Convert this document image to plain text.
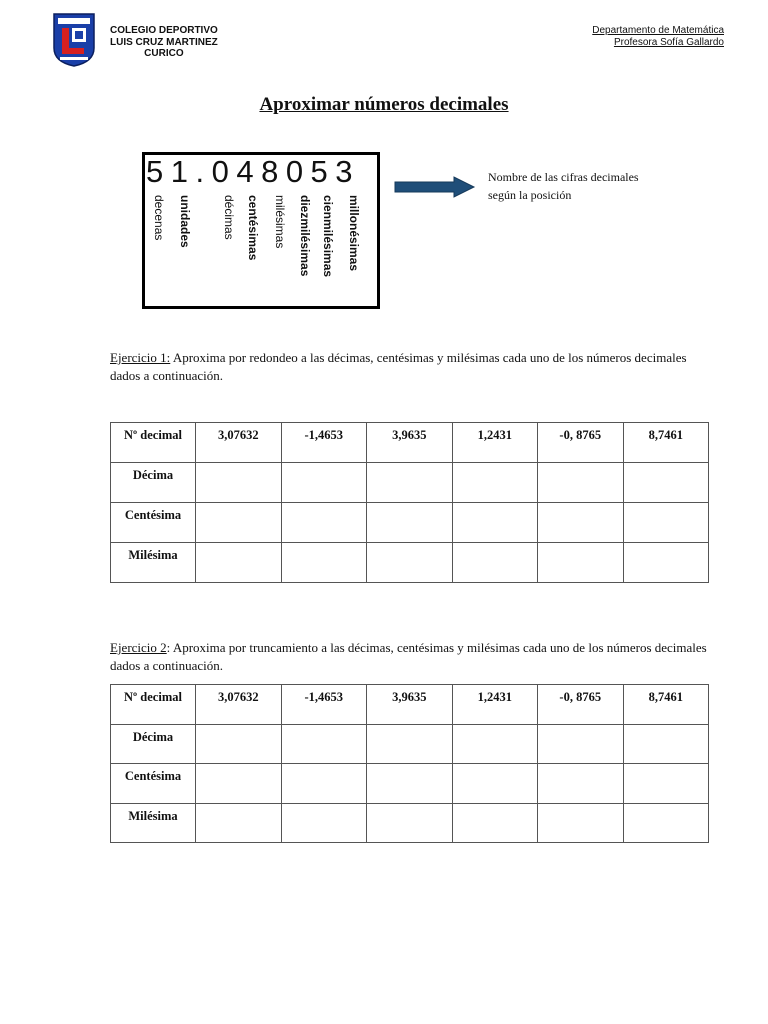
COLEGIO DEPORTIVO
LUIS CRUZ MARTINEZ
CURICO
Departamento de Matemática
Profesora Sofía Gallardo
Aproximar números decimales
51.048053
decenas unidades	décimas centésimas milésimas diezmilésimas cienmilésimas millonésimas
Nombre de las cifras decimales
según la posición
Ejercicio 1: Aproxima por redondeo a las décimas, centésimas y milésimas cada uno de los números decimales dados a continuación.
Nº decimal	3,07632	-1,4653	3,9635	1,2431	-0, 8765	8,7461
Décima						
Centésima						
Milésima						
Ejercicio 2: Aproxima por truncamiento a las décimas, centésimas y milésimas cada uno de los números decimales dados a continuación.
Nº decimal	3,07632	-1,4653	3,9635	1,2431	-0, 8765	8,7461
Décima						
Centésima						
Milésima						
